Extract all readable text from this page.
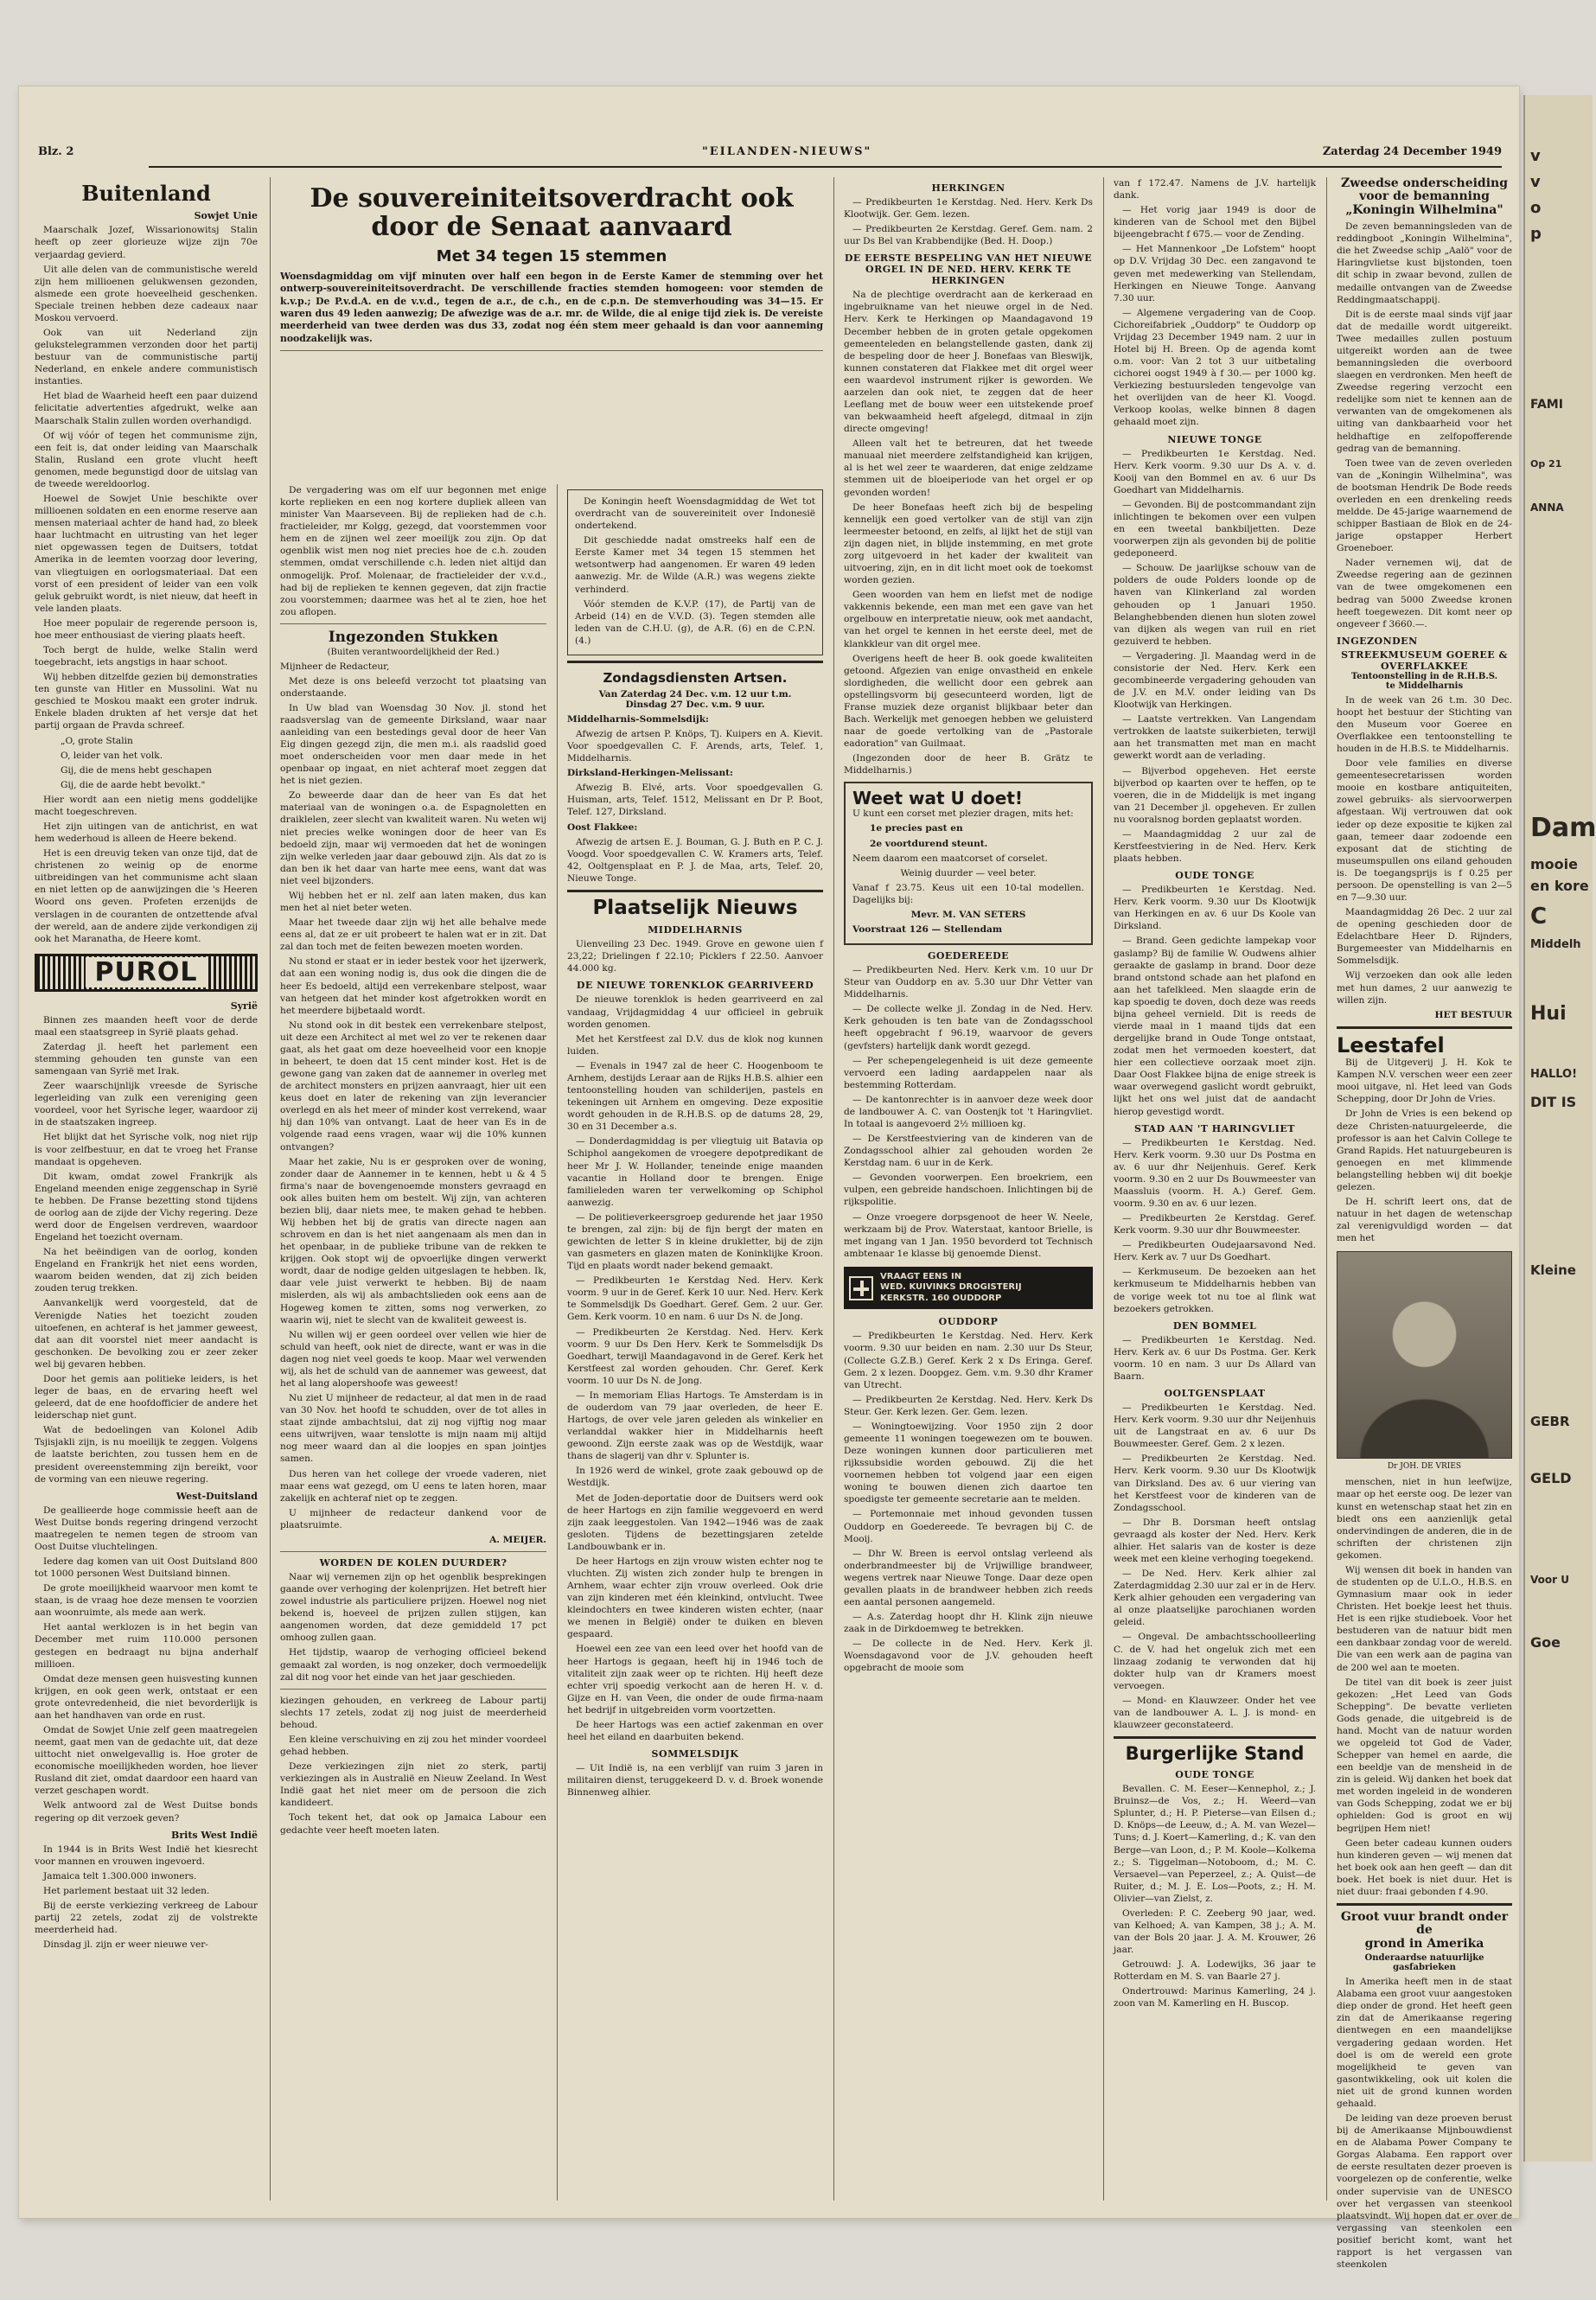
Blz. 2	"EILANDEN-NIEUWS"	Zaterdag 24 December 1949
Buitenland
Sowjet Unie

Maarschalk Jozef, Wissarionowitsj Stalin heeft op zeer glorieuze wijze zijn 70e verjaardag gevierd.

Uit alle delen van de communistische wereld zijn hem millioenen gelukwensen gezonden, alsmede een grote hoeveelheid geschenken. Speciale treinen hebben deze cadeaux naar Moskou vervoerd.

Ook van uit Nederland zijn gelukstelegrammen verzonden door het partij bestuur van de communistische partij Nederland, en enkele andere communistisch instanties.

Het blad de Waarheid heeft een paar duizend felicitatie advertenties afgedrukt, welke aan Maarschalk Stalin zullen worden overhandigd.

Of wij vóór of tegen het communisme zijn, een feit is, dat onder leiding van Maarschalk Stalin, Rusland een grote vlucht heeft genomen, mede begunstigd door de uitslag van de tweede wereldoorlog.

Hoewel de Sowjet Unie beschikte over millioenen soldaten en een enorme reserve aan mensen materiaal achter de hand had, zo bleek haar luchtmacht en uitrusting van het leger niet opgewassen tegen de Duitsers, totdat Amerika in de leemten voorzag door levering, van vliegtuigen en oorlogsmateriaal. Dat een vorst of een president of leider van een volk geluk gebruikt wordt, is niet nieuw, dat heeft in vele landen plaats.

Hoe meer populair de regerende persoon is, hoe meer enthousiast de viering plaats heeft.

Toch bergt de hulde, welke Stalin werd toegebracht, iets angstigs in haar schoot.

Wij hebben ditzelfde gezien bij demonstraties ten gunste van Hitler en Mussolini. Wat nu geschied te Moskou maakt een groter indruk. Enkele bladen drukten af het versje dat het partij orgaan de Pravda schreef.

„O, grote Stalin

O, leider van het volk.

Gij, die de mens hebt geschapen

Gij, die de aarde hebt bevolkt."

Hier wordt aan een nietig mens goddelijke macht toegeschreven.

Het zijn uitingen van de antichrist, en wat hem wederhoud is alleen de Heere bekend.

Het is een dreuvig teken van onze tijd, dat de christenen zo weinig op de enorme uitbreidingen van het communisme acht slaan en niet letten op de aanwijzingen die 's Heeren Woord ons geven. Profeten erzenijds de verslagen in de couranten de ontzettende afval der wereld, aan de andere zijde verkondigen zij ook het Maranatha, de Heere komt.

PUROL
Syrië

Binnen zes maanden heeft voor de derde maal een staatsgreep in Syrië plaats gehad.

Zaterdag jl. heeft het parlement een stemming gehouden ten gunste van een samengaan van Syrië met Irak.

Zeer waarschijnlijk vreesde de Syrische legerleiding van zulk een vereniging geen voordeel, voor het Syrische leger, waardoor zij in de staatszaken ingreep.

Het blijkt dat het Syrische volk, nog niet rijp is voor zelfbestuur, en dat te vroeg het Franse mandaat is opgeheven.

Dit kwam, omdat zowel Frankrijk als Engeland meenden enige zeggenschap in Syrië te hebben. De Franse bezetting stond tijdens de oorlog aan de zijde der Vichy regering. Deze werd door de Engelsen verdreven, waardoor Engeland het toezicht overnam.

Na het beëindigen van de oorlog, konden Engeland en Frankrijk het niet eens worden, waarom beiden wenden, dat zij zich beiden zouden terug trekken.

Aanvankelijk werd voorgesteld, dat de Verenigde Naties het toezicht zouden uitoefenen, en achteraf is het jammer geweest, dat aan dit voorstel niet meer aandacht is geschonken. De bevolking zou er zeer zeker wel bij gevaren hebben.

Door het gemis aan politieke leiders, is het leger de baas, en de ervaring heeft wel geleerd, dat de ene hoofdofficier de andere het leiderschap niet gunt.

Wat de bedoelingen van Kolonel Adib Tsjisjakli zijn, is nu moeilijk te zeggen. Volgens de laatste berichten, zou tussen hem en de president overeenstemming zijn bereikt, voor de vorming van een nieuwe regering.

West-Duitsland

De geallieerde hoge commissie heeft aan de West Duitse bonds regering dringend verzocht maatregelen te nemen tegen de stroom van Oost Duitse vluchtelingen.

Iedere dag komen van uit Oost Duitsland 800 tot 1000 personen West Duitsland binnen.

De grote moeilijkheid waarvoor men komt te staan, is de vraag hoe deze mensen te voorzien aan woonruimte, als mede aan werk.

Het aantal werklozen is in het begin van December met ruim 110.000 personen gestegen en bedraagt nu bijna anderhalf millioen.

Omdat deze mensen geen huisvesting kunnen krijgen, en ook geen werk, ontstaat er een grote ontevredenheid, die niet bevorderlijk is aan het handhaven van orde en rust.

Omdat de Sowjet Unie zelf geen maatregelen neemt, gaat men van de gedachte uit, dat deze uittocht niet onwelgevallig is. Hoe groter de economische moeilijkheden worden, hoe liever Rusland dit ziet, omdat daardoor een haard van verzet geschapen wordt.

Welk antwoord zal de West Duitse bonds regering op dit verzoek geven?

Brits West Indië

In 1944 is in Brits West Indië het kiesrecht voor mannen en vrouwen ingevoerd.

Jamaica telt 1.300.000 inwoners.

Het parlement bestaat uit 32 leden.

Bij de eerste verkiezing verkreeg de Labour partij 22 zetels, zodat zij de volstrekte meerderheid had.

Dinsdag jl. zijn er weer nieuwe ver-

De souvereiniteitsoverdracht ook
door de Senaat aanvaard
Met 34 tegen 15 stemmen

Woensdagmiddag om vijf minuten over half een begon in de Eerste Kamer de stemming over het ontwerp-souvereiniteitsoverdracht. De verschillende fracties stemden homogeen: voor stemden de k.v.p.; De P.v.d.A. en de v.v.d., tegen de a.r., de c.h., en de c.p.n. De stemverhouding was 34—15. Er waren dus 49 leden aanwezig; De afwezige was de a.r. mr. de Wilde, die al enige tijd ziek is. De vereiste meerderheid van twee derden was dus 33, zodat nog één stem meer gehaald is dan voor aanneming noodzakelijk was.

De vergadering was om elf uur begonnen met enige korte replieken en een nog kortere dupliek alleen van minister Van Maarseveen. Bij de replieken had de c.h. fractieleider, mr Kolgg, gezegd, dat voorstemmen voor hem en de zijnen wel zeer moeilijk zou zijn. Op dat ogenblik wist men nog niet precies hoe de c.h. zouden stemmen, omdat verschillende c.h. leden niet altijd dan onmogelijk. Prof. Molenaar, de fractieleider der v.v.d., had bij de replieken te kennen gegeven, dat zijn fractie zou voorstemmen; daarmee was het al te zien, hoe het zou aflopen.

Ingezonden Stukken
(Buiten verantwoordelijkheid der Red.)

Mijnheer de Redacteur,

Met deze is ons beleefd verzocht tot plaatsing van onderstaande.

In Uw blad van Woensdag 30 Nov. jl. stond het raadsverslag van de gemeente Dirksland, waar naar aanleiding van een bestedings geval door de heer Van Eig dingen gezegd zijn, die men m.i. als raadslid goed moet onderscheiden voor men daar mede in het openbaar op ingaat, en niet achteraf moet zeggen dat het is niet gezien.

Zo beweerde daar dan de heer van Es dat het materiaal van de woningen o.a. de Espagnoletten en draiklelen, zeer slecht van kwaliteit waren. Nu weten wij niet precies welke woningen door de heer van Es bedoeld zijn, maar wij vermoeden dat het de woningen zijn welke verleden jaar daar gebouwd zijn. Als dat zo is dan ben ik het daar van harte mee eens, want dat was niet veel bijzonders.

Wij hebben het er nl. zelf aan laten maken, dus kan men het al niet beter weten.

Maar het tweede daar zijn wij het alle behalve mede eens al, dat ze er uit probeert te halen wat er in zit. Dat zal dan toch met de feiten bewezen moeten worden.

Nu stond er staat er in ieder bestek voor het ijzerwerk, dat aan een woning nodig is, dus ook die dingen die de heer Es bedoeld, altijd een verrekenbare stelpost, waar van hetgeen dat het minder kost afgetrokken wordt en het meerdere bijbetaald wordt.

Nu stond ook in dit bestek een verrekenbare stelpost, uit deze een Architect al met wel zo ver te rekenen daar gaat, als het gaat om deze hoeveelheid voor een knopje in beheert, te doen dat 15 cent minder kost. Het is de gewone gang van zaken dat de aannemer in overleg met de architect monsters en prijzen aanvraagt, hier uit een keus doet en later de rekening van zijn leverancier overlegd en als het meer of minder kost verrekend, waar hij dan 10% van ontvangt. Laat de heer van Es in de volgende raad eens vragen, waar wij die 10% kunnen ontvangen?

Maar het zakie, Nu is er gesproken over de woning, zonder daar de Aannemer in te kennen, hebt u & 4 5 firma's naar de bovengenoemde monsters gevraagd en ook alles buiten hem om bestelt. Wij zijn, van achteren bezien blij, daar niets mee, te maken gehad te hebben. Wij hebben het bij de gratis van directe nagen aan schrovem en dan is het niet aangenaam als men dan in het openbaar, in de publieke tribune van de rekken te krijgen. Ook stopt wij de opvoerlijke dingen verwerkt wordt, daar de nodige gelden uitgeslagen te hebben. Ik, daar vele juist verwerkt te hebben. Bij de naam mislerden, als wij als ambachtslieden ook eens aan de Hogeweg komen te zitten, soms nog verwerken, zo waarin wij, niet te slecht van de kwaliteit geweest is.

Nu willen wij er geen oordeel over vellen wie hier de schuld van heeft, ook niet de directe, want er was in die dagen nog niet veel goeds te koop. Maar wel verwenden wij, als het de schuld van de aannemer was geweest, dat het al lang alopershoofe was geweest!

Nu ziet U mijnheer de redacteur, al dat men in de raad van 30 Nov. het hoofd te schudden, over de tot alles in staat zijnde ambachtslui, dat zij nog vijftig nog maar eens uitwrijven, waar tenslotte is mijn naam mij altijd nog meer waard dan al die loopjes en span jointjes samen.

Dus heren van het college der vroede vaderen, niet maar eens wat gezegd, om U eens te laten horen, maar zakelijk en achteraf niet op te zeggen.

U mijnheer de redacteur dankend voor de plaatsruimte.

A. MEIJER.

WORDEN DE KOLEN DUURDER?

Naar wij vernemen zijn op het ogenblik besprekingen gaande over verhoging der kolenprijzen. Het betreft hier zowel industrie als particuliere prijzen. Hoewel nog niet bekend is, hoeveel de prijzen zullen stijgen, kan aangenomen worden, dat deze gemiddeld 17 pct omhoog zullen gaan.

Het tijdstip, waarop de verhoging officieel bekend gemaakt zal worden, is nog onzeker, doch vermoedelijk zal dit nog voor het einde van het jaar geschieden.

kiezingen gehouden, en verkreeg de Labour partij slechts 17 zetels, zodat zij nog juist de meerderheid behoud.

Een kleine verschuiving en zij zou het minder voordeel gehad hebben.

Deze verkiezingen zijn niet zo sterk, partij verkiezingen als in Australië en Nieuw Zeeland. In West Indië gaat het niet meer om de persoon die zich kandideert.

Toch tekent het, dat ook op Jamaica Labour een gedachte veer heeft moeten laten.

De Koningin heeft Woensdagmiddag de Wet tot overdracht van de souvereiniteit over Indonesië ondertekend.

Dit geschiedde nadat omstreeks half een de Eerste Kamer met 34 tegen 15 stemmen het wetsontwerp had aangenomen. Er waren 49 leden aanwezig. Mr. de Wilde (A.R.) was wegens ziekte verhinderd.

Vóór stemden de K.V.P. (17), de Partij van de Arbeid (14) en de V.V.D. (3). Tegen stemden alle leden van de C.H.U. (g), de A.R. (6) en de C.P.N. (4.)

Zondagsdiensten Artsen.
Van Zaterdag 24 Dec. v.m. 12 uur t.m.
Dinsdag 27 Dec. v.m. 9 uur.

Middelharnis-Sommelsdijk:

Afwezig de artsen P. Knöps, Tj. Kuipers en A. Kievit. Voor spoedgevallen C. F. Arends, arts, Telef. 1, Middelharnis.

Dirksland-Herkingen-Melissant:

Afwezig B. Elvé, arts. Voor spoedgevallen G. Huisman, arts, Telef. 1512, Melissant en Dr P. Boot, Telef. 127, Dirksland.

Oost Flakkee:

Afwezig de artsen E. J. Bouman, G. J. Buth en P. C. J. Voogd. Voor spoedgevallen C. W. Kramers arts, Telef. 42, Ooltgensplaat en P. J. de Maa, arts, Telef. 20, Nieuwe Tonge.

Plaatselijk Nieuws
MIDDELHARNIS

Uienveiling 23 Dec. 1949. Grove en gewone uien f 23,22; Drielingen f 22.10; Picklers f 22.50. Aanvoer 44.000 kg.

DE NIEUWE TORENKLOK GEARRIVEERD

De nieuwe torenklok is heden gearriveerd en zal vandaag, Vrijdagmiddag 4 uur officieel in gebruik worden genomen.

Met het Kerstfeest zal D.V. dus de klok nog kunnen luiden.

— Evenals in 1947 zal de heer C. Hoogenboom te Arnhem, destijds Leraar aan de Rijks H.B.S. alhier een tentoonstelling houden van schilderijen, pastels en tekeningen uit Arnhem en omgeving. Deze expositie wordt gehouden in de R.H.B.S. op de datums 28, 29, 30 en 31 December a.s.

— Donderdagmiddag is per vliegtuig uit Batavia op Schiphol aangekomen de vroegere depotpredikant de heer Mr J. W. Hollander, teneinde enige maanden vacantie in Holland door te brengen. Enige familieleden waren ter verwelkoming op Schiphol aanwezig.

— De politieverkeersgroep gedurende het jaar 1950 te brengen, zal zijn: bij de fijn bergt der maten en gewichten de letter S in kleine drukletter, bij de zijn van gasmeters en glazen maten de Koninklijke Kroon. Tijd en plaats wordt nader bekend gemaakt.

— Predikbeurten 1e Kerstdag Ned. Herv. Kerk voorm. 9 uur in de Geref. Kerk 10 uur. Ned. Herv. Kerk te Sommelsdijk Ds Goedhart. Geref. Gem. 2 uur. Ger. Gem. Kerk voorm. 10 en nam. 6 uur Ds N. de Jong.

— Predikbeurten 2e Kerstdag. Ned. Herv. Kerk voorm. 9 uur Ds Den Herv. Kerk te Sommelsdijk Ds Goedhart, terwijl Maandagavond in de Geref. Kerk het Kerstfeest zal worden gehouden. Chr. Geref. Kerk voorm. 10 uur Ds N. de Jong.

— In memoriam Elias Hartogs. Te Amsterdam is in de ouderdom van 79 jaar overleden, de heer E. Hartogs, de over vele jaren geleden als winkelier en verlanddal wakker hier in Middelharnis heeft gewoond. Zijn eerste zaak was op de Westdijk, waar thans de slagerij van dhr v. Splunter is.

In 1926 werd de winkel, grote zaak gebouwd op de Westdijk.

Met de Joden-deportatie door de Duitsers werd ook de heer Hartogs en zijn familie weggevoerd en werd zijn zaak leeggestolen. Van 1942—1946 was de zaak gesloten. Tijdens de bezettingsjaren zetelde Landbouwbank er in.

De heer Hartogs en zijn vrouw wisten echter nog te vluchten. Zij wisten zich zonder hulp te brengen in Arnhem, waar echter zijn vrouw overleed. Ook drie van zijn kinderen met één kleinkind, ontvlucht. Twee kleindochters en twee kinderen wisten echter, (naar we menen in België) onder te duiken en bleven gespaard.

Hoewel een zee van een leed over het hoofd van de heer Hartogs is gegaan, heeft hij in 1946 toch de vitaliteit zijn zaak weer op te richten. Hij heeft deze echter vrij spoedig verkocht aan de heren H. v. d. Gijze en H. van Veen, die onder de oude firma-naam het bedrijf in uitgebreiden vorm voortzetten.

De heer Hartogs was een actief zakenman en over heel het eiland en daarbuiten bekend.

SOMMELSDIJK

— Uit Indië is, na een verblijf van ruim 3 jaren in militairen dienst, teruggekeerd D. v. d. Broek wonende Binnenweg alhier.

HERKINGEN

— Predikbeurten 1e Kerstdag. Ned. Herv. Kerk Ds Klootwijk. Ger. Gem. lezen.

— Predikbeurten 2e Kerstdag. Geref. Gem. nam. 2 uur Ds Bel van Krabbendijke (Bed. H. Doop.)

DE EERSTE BESPELING VAN HET NIEUWE ORGEL IN DE NED. HERV. KERK TE HERKINGEN

Na de plechtige overdracht aan de kerkeraad en ingebruikname van het nieuwe orgel in de Ned. Herv. Kerk te Herkingen op Maandagavond 19 December hebben de in groten getale opgekomen gemeenteleden en belangstellende gasten, dank zij de bespeling door de heer J. Bonefaas van Bleswijk, kunnen constateren dat Flakkee met dit orgel weer een waardevol instrument rijker is geworden. We aarzelen dan ook niet, te zeggen dat de heer Leeflang met de bouw weer een uitstekende proef van bekwaamheid heeft afgelegd, ditmaal in zijn directe omgeving!

Alleen valt het te betreuren, dat het tweede manuaal niet meerdere zelfstandigheid kan krijgen, al is het wel zeer te waarderen, dat enige zeldzame stemmen uit de bloeiperiode van het orgel er op gevonden worden!

De heer Bonefaas heeft zich bij de bespeling kennelijk een goed vertolker van de stijl van zijn leermeester betoond, en zelfs, al lijkt het de stijl van zijn dagen niet, in blijde instemming, en met grote zorg uitgevoerd in het kader der kwaliteit van uitvoering, zijn, en in dit licht moet ook de toekomst worden gezien.

Geen woorden van hem en liefst met de nodige vakkennis bekende, een man met een gave van het orgelbouw en interpretatie nieuw, ook met aandacht, van het orgel te kennen in het eerste deel, met de klankkleur van dit orgel mee.

Overigens heeft de heer B. ook goede kwaliteiten getoond. Afgezien van enige onvastheid en enkele slordigheden, die wellicht door een gebrek aan opstellingsvorm bij gesecunteerd worden, ligt de Franse muziek deze organist blijkbaar beter dan Bach. Werkelijk met genoegen hebben we geluisterd naar de goede vertolking van de „Pastorale eadoration" van Guilmaat.

(Ingezonden door de heer B. Grätz te Middelharnis.)

Weet wat U doet!

U kunt een corset met plezier dragen, mits het:

1e precies past en

2e voortdurend steunt.

Neem daarom een maatcorset of corselet.

Weinig duurder — veel beter.

Vanaf f 23.75. Keus uit een 10-tal modellen. Dagelijks bij:

Mevr. M. VAN SETERS

Voorstraat 126 — Stellendam

GOEDEREEDE

— Predikbeurten Ned. Herv. Kerk v.m. 10 uur Dr Steur van Ouddorp en av. 5.30 uur Dhr Vetter van Middelharnis.

— De collecte welke jl. Zondag in de Ned. Herv. Kerk gehouden is ten bate van de Zondagsschool heeft opgebracht f 96.19, waarvoor de gevers (gevfsters) hartelijk dank wordt gezegd.

— Per schepengelegenheid is uit deze gemeente vervoerd een lading aardappelen naar als bestemming Rotterdam.

— De kantonrechter is in aanvoer deze week door de landbouwer A. C. van Oostenjk tot 't Haringvliet. In totaal is aangevoerd 2½ millioen kg.

— De Kerstfeestviering van de kinderen van de Zondagsschool alhier zal gehouden worden 2e Kerstdag nam. 6 uur in de Kerk.

— Gevonden voorwerpen. Een broekriem, een vulpen, een gebreide handschoen. Inlichtingen bij de rijkspolitie.

— Onze vroegere dorpsgenoot de heer W. Neele, werkzaam bij de Prov. Waterstaat, kantoor Brielle, is met ingang van 1 Jan. 1950 bevorderd tot Technisch ambtenaar 1e klasse bij genoemde Dienst.

VRAAGT EENS IN
WED. KUIVINKS DROGISTERIJ
KERKSTR. 160 OUDDORP
OUDDORP

— Predikbeurten 1e Kerstdag. Ned. Herv. Kerk voorm. 9.30 uur beiden en nam. 2.30 uur Ds Steur, (Collecte G.Z.B.) Geref. Kerk 2 x Ds Eringa. Geref. Gem. 2 x lezen. Doopgez. Gem. v.m. 9.30 dhr Kramer van Utrecht.

— Predikbeurten 2e Kerstdag. Ned. Herv. Kerk Ds Steur. Ger. Kerk lezen. Ger. Gem. lezen.

— Woningtoewijzing. Voor 1950 zijn 2 door gemeente 11 woningen toegewezen om te bouwen. Deze woningen kunnen door particulieren met rijkssubsidie worden gebouwd. Zij die het voornemen hebben tot volgend jaar een eigen woning te bouwen dienen zich daartoe ten spoedigste ter gemeente secretarie aan te melden.

— Portemonnaie met inhoud gevonden tussen Ouddorp en Goedereede. Te bevragen bij C. de Mooij.

— Dhr W. Breen is eervol ontslag verleend als onderbrandmeester bij de Vrijwillige brandweer, wegens vertrek naar Nieuwe Tonge. Daar deze open gevallen plaats in de brandweer hebben zich reeds een aantal personen aangemeld.

— A.s. Zaterdag hoopt dhr H. Klink zijn nieuwe zaak in de Dirkdoemweg te betrekken.

— De collecte in de Ned. Herv. Kerk jl. Woensdagavond voor de J.V. gehouden heeft opgebracht de mooie som

van f 172.47. Namens de J.V. hartelijk dank.

— Het vorig jaar 1949 is door de kinderen van de School met den Bijbel bijeengebracht f 675.— voor de Zending.

— Het Mannenkoor „De Lofstem" hoopt op D.V. Vrijdag 30 Dec. een zangavond te geven met medewerking van Stellendam, Herkingen en Nieuwe Tonge. Aanvang 7.30 uur.

— Algemene vergadering van de Coop. Cichoreifabriek „Ouddorp" te Ouddorp op Vrijdag 23 December 1949 nam. 2 uur in Hotel bij H. Breen. Op de agenda komt o.m. voor: Van 2 tot 3 uur uitbetaling cichorei oogst 1949 à f 30.— per 1000 kg. Verkiezing bestuursleden tengevolge van het overlijden van de heer Kl. Voogd. Verkoop koolas, welke binnen 8 dagen gehaald moet zijn.

NIEUWE TONGE

— Predikbeurten 1e Kerstdag. Ned. Herv. Kerk voorm. 9.30 uur Ds A. v. d. Kooij van den Bommel en av. 6 uur Ds Goedhart van Middelharnis.

— Gevonden. Bij de postcommandant zijn inlichtingen te bekomen over een vulpen en een tweetal bankbiljetten. Deze voorwerpen zijn als gevonden bij de politie gedeponeerd.

— Schouw. De jaarlijkse schouw van de polders de oude Polders loonde op de haven van Klinkerland zal worden gehouden op 1 Januari 1950. Belanghebbenden dienen hun sloten zowel van dijken als wegen van ruil en riet gezuiverd te hebben.

— Vergadering. Jl. Maandag werd in de consistorie der Ned. Herv. Kerk een gecombineerde vergadering gehouden van de J.V. en M.V. onder leiding van Ds Klootwijk van Herkingen.

— Laatste vertrekken. Van Langendam vertrokken de laatste suikerbieten, terwijl aan het transmatten met man en macht gewerkt wordt aan de verlading.

— Bijverbod opgeheven. Het eerste bijverbod op kaarten over te heffen, op te voeren, die in de Middelijk is met ingang van 21 December jl. opgeheven. Er zullen nu vooralsnog borden geplaatst worden.

— Maandagmiddag 2 uur zal de Kerstfeestviering in de Ned. Herv. Kerk plaats hebben.

OUDE TONGE

— Predikbeurten 1e Kerstdag. Ned. Herv. Kerk voorm. 9.30 uur Ds Klootwijk van Herkingen en av. 6 uur Ds Koole van Dirksland.

— Brand. Geen gedichte lampekap voor gaslamp? Bij de familie W. Oudwens alhier geraakte de gaslamp in brand. Door deze brand ontstond schade aan het plafond en aan het tafelkleed. Men slaagde erin de kap spoedig te doven, doch deze was reeds bijna geheel vernield. Dit is reeds de vierde maal in 1 maand tijds dat een dergelijke brand in Oude Tonge ontstaat, zodat men het vermoeden koestert, dat hier een collectieve oorzaak moet zijn. Daar Oost Flakkee bijna de enige streek is waar overwegend gaslicht wordt gebruikt, lijkt het ons wel juist dat de aandacht hierop gevestigd wordt.

STAD AAN 'T HARINGVLIET

— Predikbeurten 1e Kerstdag. Ned. Herv. Kerk voorm. 9.30 uur Ds Postma en av. 6 uur dhr Neijenhuis. Geref. Kerk voorm. 9.30 en 2 uur Ds Bouwmeester van Maassluis (voorm. H. A.) Geref. Gem. voorm. 9.30 en av. 6 uur lezen.

— Predikbeurten 2e Kerstdag. Geref. Kerk voorm. 9.30 uur dhr Bouwmeester.

— Predikbeurten Oudejaarsavond Ned. Herv. Kerk av. 7 uur Ds Goedhart.

— Kerkmuseum. De bezoeken aan het kerkmuseum te Middelharnis hebben van de vorige week tot nu toe al flink wat bezoekers getrokken.

DEN BOMMEL

— Predikbeurten 1e Kerstdag. Ned. Herv. Kerk av. 6 uur Ds Postma. Ger. Kerk voorm. 10 en nam. 3 uur Ds Allard van Baarn.

OOLTGENSPLAAT

— Predikbeurten 1e Kerstdag. Ned. Herv. Kerk voorm. 9.30 uur dhr Neijenhuis uit de Langstraat en av. 6 uur Ds Bouwmeester. Geref. Gem. 2 x lezen.

— Predikbeurten 2e Kerstdag. Ned. Herv. Kerk voorm. 9.30 uur Ds Klootwijk van Dirksland. Des av. 6 uur viering van het Kerstfeest voor de kinderen van de Zondagsschool.

— Dhr B. Dorsman heeft ontslag gevraagd als koster der Ned. Herv. Kerk alhier. Het salaris van de koster is deze week met een kleine verhoging toegekend.

— De Ned. Herv. Kerk alhier zal Zaterdagmiddag 2.30 uur zal er in de Herv. Kerk alhier gehouden een vergadering van al onze plaatselijke parochianen worden geleid.

— Ongeval. De ambachtsschoolleerling C. de V. had het ongeluk zich met een linzaag zodanig te verwonden dat hij dokter hulp van dr Kramers moest vervoegen.

— Mond- en Klauwzeer. Onder het vee van de landbouwer A. L. J. is mond- en klauwzeer geconstateerd.

Burgerlijke Stand
OUDE TONGE

Bevallen. C. M. Eeser—Kennephol, z.; J. Bruinsz—de Vos, z.; H. Weerd—van Splunter, d.; H. P. Pieterse—van Eilsen d.; D. Knöps—de Leeuw, d.; A. M. van Wezel—Tuns; d. J. Koert—Kamerling, d.; K. van den Berge—van Loon, d.; P. M. Koole—Kolkema z.; S. Tiggelman—Notoboom, d.; M. C. Versaevel—van Peperzeel, z.; A. Quist—de Ruiter, d.; M. J. E. Los—Poots, z.; H. M. Olivier—van Zielst, z.

Overleden: P. C. Zeeberg 90 jaar, wed. van Kelhoed; A. van Kampen, 38 j.; A. M. van der Bols 20 jaar. J. A. M. Krouwer, 26 jaar.

Getrouwd: J. A. Lodewijks, 36 jaar te Rotterdam en M. S. van Baarle 27 j.

Ondertrouwd: Marinus Kamerling, 24 j. zoon van M. Kamerling en H. Buscop.

Zweedse onderscheiding
voor de bemanning
„Koningin Wilhelmina"

De zeven bemanningsleden van de reddingboot „Koningin Wilhelmina", die het Zweedse schip „Aalö" voor de Haringvlietse kust bijstonden, toen dit schip in zwaar bevond, zullen de medaille ontvangen van de Zweedse Reddingmaatschappij.

Dit is de eerste maal sinds vijf jaar dat de medaille wordt uitgereikt. Twee medailles zullen postuum uitgereikt worden aan de twee bemanningsleden die overboord slaegen en verdronken. Men heeft de Zweedse regering verzocht een redelijke som niet te kennen aan de verwanten van de omgekomenen als uiting van dankbaarheid voor het heldhaftige en zelfopofferende gedrag van de bemanning.

Toen twee van de zeven overleden van de „Koningin Wilhelmina", was de bootsman Hendrik De Bode reeds overleden en een drenkeling reeds meldde. De 45-jarige waarnemend de schipper Bastiaan de Blok en de 24-jarige opstapper Herbert Groeneboer.

Nader vernemen wij, dat de Zweedse regering aan de gezinnen van de twee omgekomenen een bedrag van 5000 Zweedse kronen heeft toegewezen. Dit komt neer op ongeveer f 3660.—.

INGEZONDEN
STREEKMUSEUM GOEREE &
OVERFLAKKEE
Tentoonstelling in de R.H.B.S.
te Middelharnis

In de week van 26 t.m. 30 Dec. hoopt het bestuur der Stichting van den Museum voor Goeree en Overflakkee een tentoonstelling te houden in de H.B.S. te Middelharnis.

Door vele families en diverse gemeentesecretarissen worden mooie en kostbare antiquiteiten, zowel gebruiks- als siervoorwerpen afgestaan. Wij vertrouwen dat ook ieder op deze expositie te kijken zal gaan, temeer daar zodoende een exposant dat de stichting de museumspullen ons eiland gehouden is. De toegangsprijs is f 0.25 per persoon. De openstelling is van 2—5 en 7—9.30 uur.

Maandagmiddag 26 Dec. 2 uur zal de opening geschieden door de Edelachtbare Heer D. Rijnders, Burgemeester van Middelharnis en Sommelsdijk.

Wij verzoeken dan ook alle leden met hun dames, 2 uur aanwezig te willen zijn.

HET BESTUUR

Leestafel

Bij de Uitgeverij J. H. Kok te Kampen N.V. verschen weer een zeer mooi uitgave, nl. Het leed van Gods Schepping, door Dr John de Vries.

Dr John de Vries is een bekend op deze Christen-natuurgeleerde, die professor is aan het Calvin College te Grand Rapids. Het natuurgebeuren is genoegen en met klimmende belangstelling hebben wij dit boekje gelezen.

De H. schrift leert ons, dat de natuur in het dagen de wetenschap zal verenigvuldigd worden — dat men het

Dr JOH. DE VRIES

menschen, niet in hun leefwijze, maar op het eerste oog. De lezer van kunst en wetenschap staat het zin en biedt ons een aanzienlijk getal ondervindingen de anderen, die in de schriften der christenen zijn gekomen.

Wij wensen dit boek in handen van de studenten op de U.L.O., H.B.S. en Gymnasium maar ook in ieder Christen. Het boekje leest het thuis. Het is een rijke studieboek. Voor het bestuderen van de natuur bidt men een dankbaar zondag voor de wereld. Die van een werk aan de pagina van de 200 wel aan te moeten.

De titel van dit boek is zeer juist gekozen: „Het Leed van Gods Schepping". De bevatte verlieten Gods genade, die uitgebreid is de hand. Mocht van de natuur worden we opgeleid tot God de Vader, Schepper van hemel en aarde, die een beeldje van de mensheid in de zin is geleid. Wij danken het boek dat met worden ingeleid in de wonderen van Gods Schepping, zodat we er bij ophielden: God is groot en wij begrijpen Hem niet!

Geen beter cadeau kunnen ouders hun kinderen geven — wij menen dat het boek ook aan hen geeft — dan dit boek. Het boek is niet duur. Het is niet duur: fraai gebonden f 4.90.

Groot vuur brandt onder de
grond in Amerika
Onderaardse natuurlijke gasfabrieken

In Amerika heeft men in de staat Alabama een groot vuur aangestoken diep onder de grond. Het heeft geen zin dat de Amerikaanse regering dientwegen en een maandelijkse vergadering gedaan worden. Het doel is om de wereld een grote mogelijkheid te geven van gasontwikkeling, ook uit kolen die niet uit de grond kunnen worden gehaald.

De leiding van deze proeven berust bij de Amerikaanse Mijnbouwdienst en de Alabama Power Company te Gorgas Alabama. Een rapport over de eerste resultaten dezer proeven is voorgelezen op de conferentie, welke onder supervisie van de UNESCO over het vergassen van steenkool plaatsvindt. Wij hopen dat er over de vergassing van steenkolen een positief bericht komt, want het rapport is het vergassen van steenkolen

v
v
o
p
FAMI
Op 21
ANNA
Dam
mooie
en kore
C
Middelh
Hui
HALLO!
DIT IS
Kleine
GEBR
GELD
Voor U
Goe
